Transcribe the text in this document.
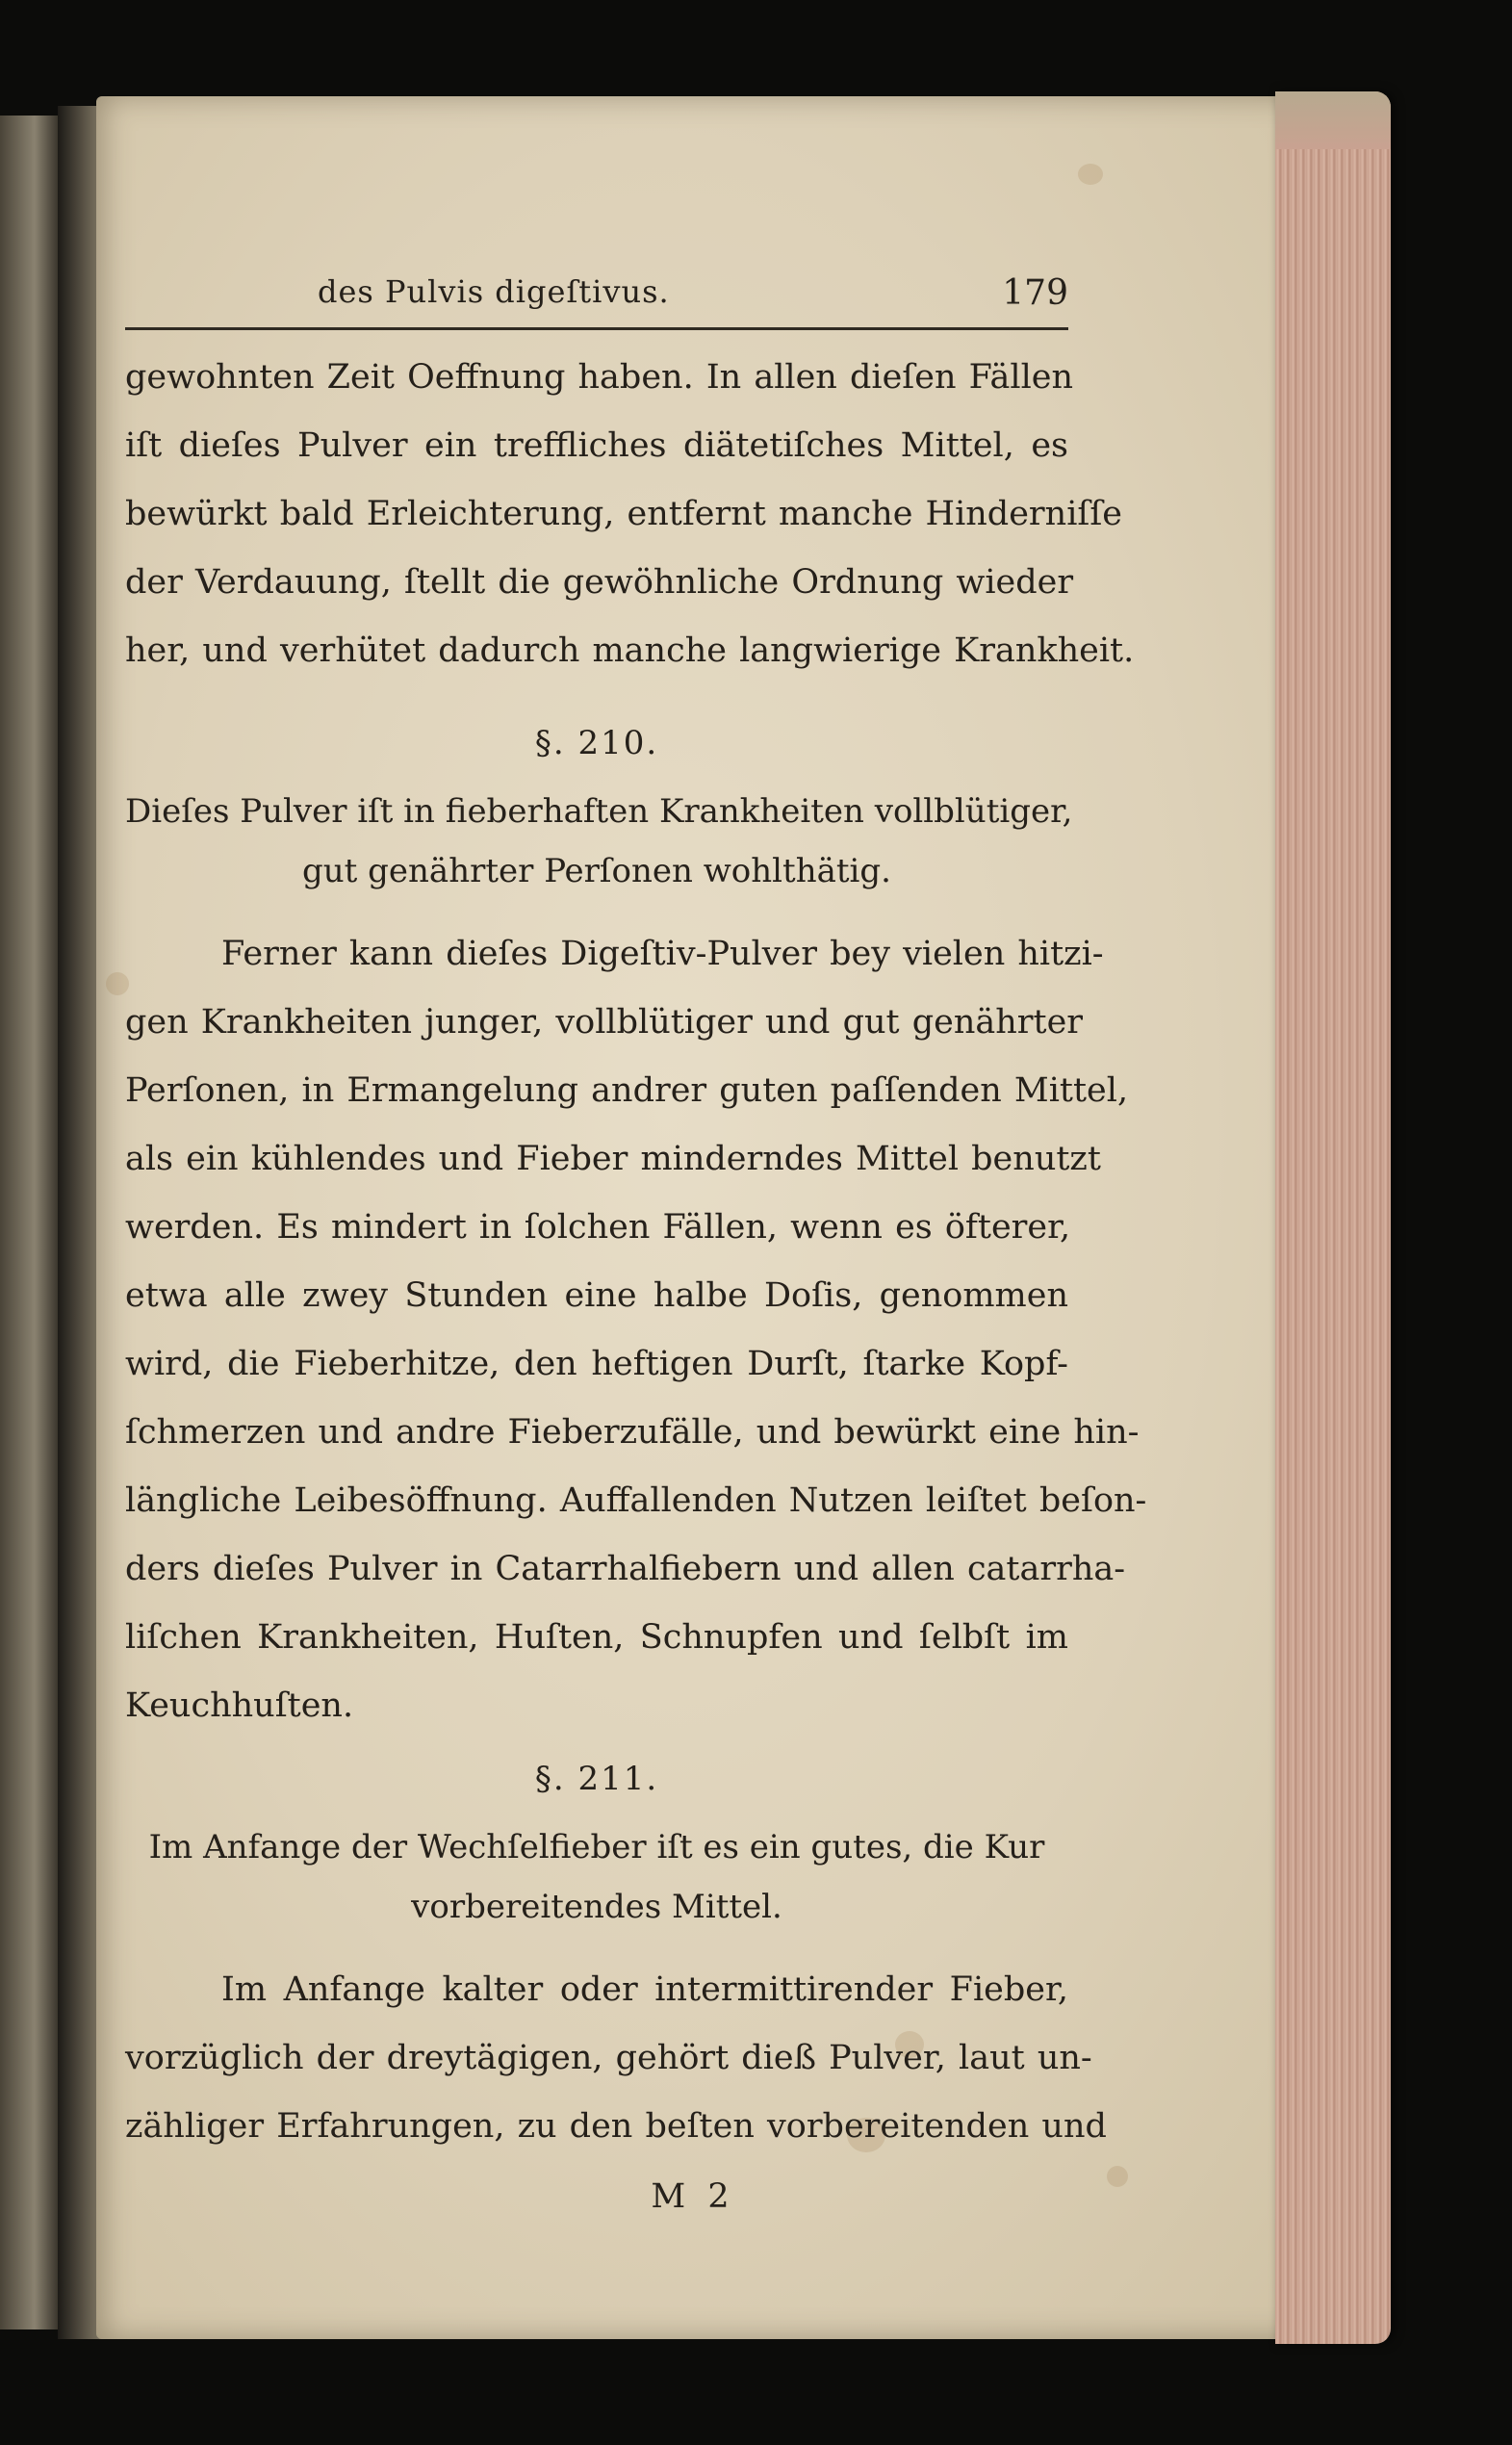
des Pulvis digeſtivus.	179
gewohnten Zeit Oeffnung haben. In allen dieſen Fällen
iſt dieſes Pulver ein treffliches diätetiſches Mittel, es
bewürkt bald Erleichterung, entfernt manche Hinderniſſe
der Verdauung, ſtellt die gewöhnliche Ordnung wieder
her, und verhütet dadurch manche langwierige Krankheit.
§. 210.
Dieſes Pulver iſt in fieberhaften Krankheiten vollblütiger,
gut genährter Perſonen wohlthätig.
Ferner kann dieſes Digeſtiv-Pulver bey vielen hitzi-
gen Krankheiten junger, vollblütiger und gut genährter
Perſonen, in Ermangelung andrer guten paſſenden Mittel,
als ein kühlendes und Fieber minderndes Mittel benutzt
werden. Es mindert in ſolchen Fällen, wenn es öfterer,
etwa alle zwey Stunden eine halbe Doſis, genommen
wird, die Fieberhitze, den heftigen Durſt, ſtarke Kopf-
ſchmerzen und andre Fieberzufälle, und bewürkt eine hin-
längliche Leibesöffnung. Auffallenden Nutzen leiſtet beſon-
ders dieſes Pulver in Catarrhalfiebern und allen catarrha-
liſchen Krankheiten, Huſten, Schnupfen und ſelbſt im
Keuchhuſten.
§. 211.
Im Anfange der Wechſelfieber iſt es ein gutes, die Kur
vorbereitendes Mittel.
Im Anfange kalter oder intermittirender Fieber,
vorzüglich der dreytägigen, gehört dieß Pulver, laut un-
zähliger Erfahrungen, zu den beſten vorbereitenden und
M 2
